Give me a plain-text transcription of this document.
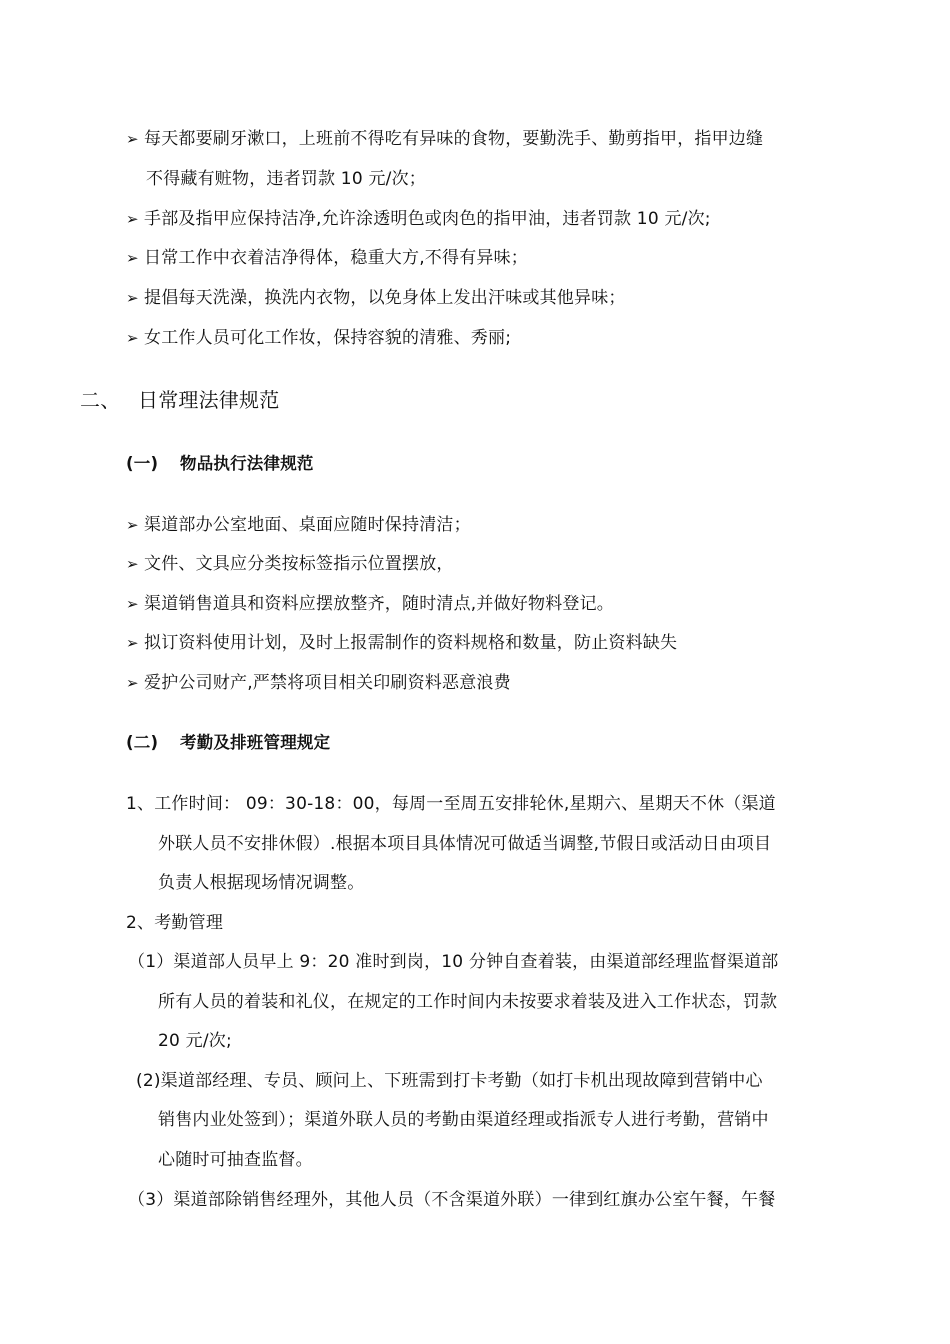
➢ 每天都要刷牙漱口，上班前不得吃有异味的食物，要勤洗手、勤剪指甲，指甲边缝
不得藏有赃物，违者罚款 10 元/次；
➢ 手部及指甲应保持洁净,允许涂透明色或肉色的指甲油，违者罚款 10 元/次;
➢ 日常工作中衣着洁净得体，稳重大方,不得有异味；
➢ 提倡每天洗澡，换洗内衣物，以免身体上发出汗味或其他异味；
➢ 女工作人员可化工作妆，保持容貌的清雅、秀丽;
二、 日常理法律规范
(一) 物品执行法律规范
➢ 渠道部办公室地面、桌面应随时保持清洁；
➢ 文件、文具应分类按标签指示位置摆放，
➢ 渠道销售道具和资料应摆放整齐，随时清点,并做好物料登记。
➢ 拟订资料使用计划，及时上报需制作的资料规格和数量，防止资料缺失
➢ 爱护公司财产,严禁将项目相关印刷资料恶意浪费
(二) 考勤及排班管理规定
1、工作时间： 09：30-18：00，每周一至周五安排轮休,星期六、星期天不休（渠道
外联人员不安排休假）.根据本项目具体情况可做适当调整,节假日或活动日由项目
负责人根据现场情况调整。
2、考勤管理
（1）渠道部人员早上 9：20 准时到岗，10 分钟自查着装，由渠道部经理监督渠道部
所有人员的着装和礼仪，在规定的工作时间内未按要求着装及进入工作状态，罚款
20 元/次;
(2)渠道部经理、专员、顾问上、下班需到打卡考勤（如打卡机出现故障到营销中心
销售内业处签到）；渠道外联人员的考勤由渠道经理或指派专人进行考勤，营销中
心随时可抽查监督。
（3）渠道部除销售经理外，其他人员（不含渠道外联）一律到红旗办公室午餐，午餐
